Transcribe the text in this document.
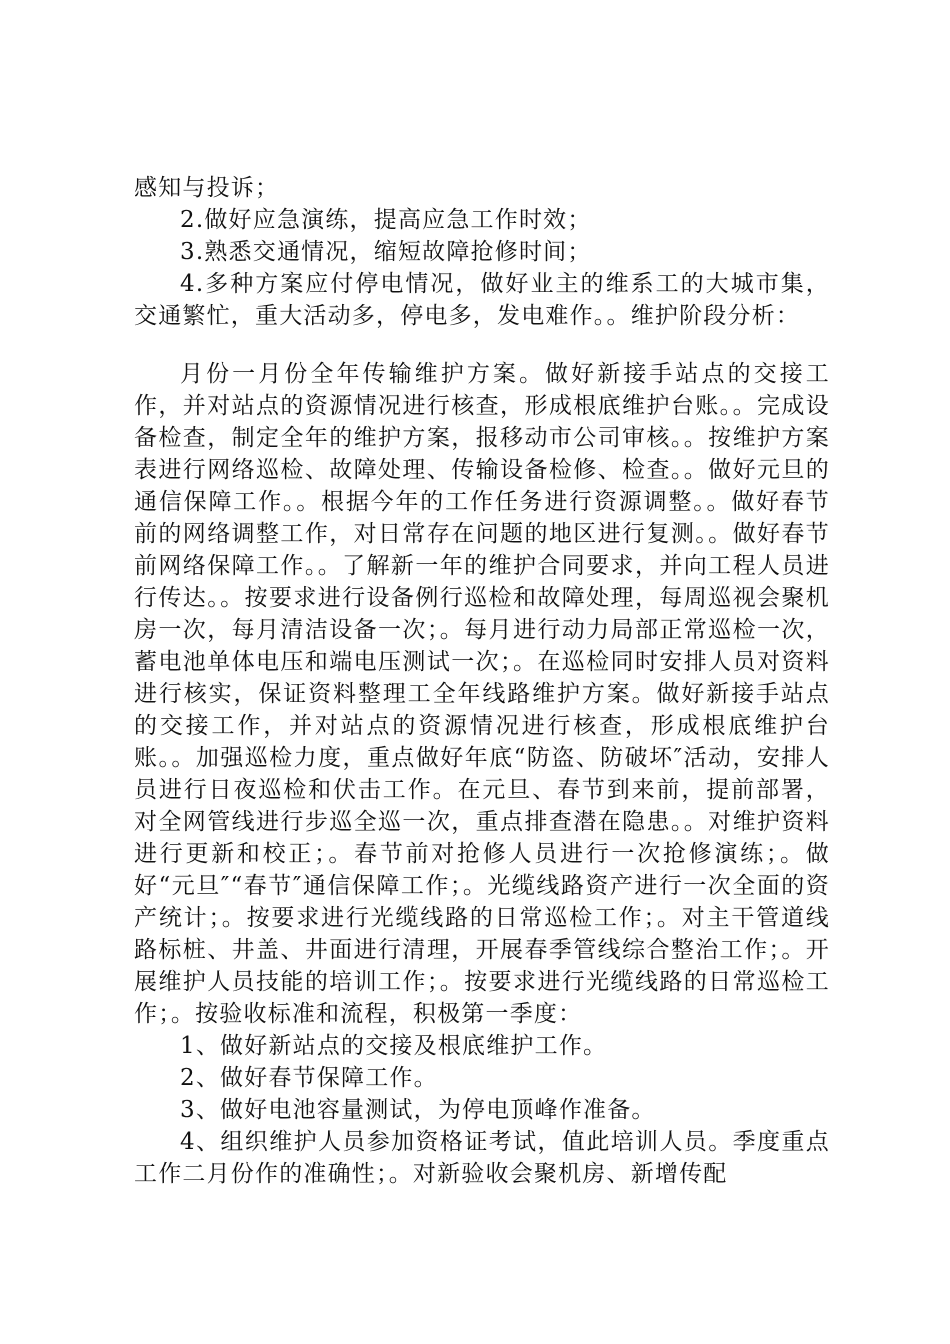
感知与投诉；

2.做好应急演练，提高应急工作时效；

3.熟悉交通情况，缩短故障抢修时间；

4.多种方案应付停电情况，做好业主的维系工的大城市集，交通繁忙，重大活动多，停电多，发电难作。。维护阶段分析：

月份一月份全年传输维护方案。做好新接手站点的交接工作，并对站点的资源情况进行核查，形成根底维护台账。。完成设备检查，制定全年的维护方案，报移动市公司审核。。按维护方案表进行网络巡检、故障处理、传输设备检修、检查。。做好元旦的通信保障工作。。根据今年的工作任务进行资源调整。。做好春节前的网络调整工作，对日常存在问题的地区进行复测。。做好春节前网络保障工作。。了解新一年的维护合同要求，并向工程人员进行传达。。按要求进行设备例行巡检和故障处理，每周巡视会聚机房一次，每月清洁设备一次；。每月进行动力局部正常巡检一次，蓄电池单体电压和端电压测试一次；。在巡检同时安排人员对资料进行核实，保证资料整理工全年线路维护方案。做好新接手站点的交接工作，并对站点的资源情况进行核查，形成根底维护台账。。加强巡检力度，重点做好年底“防盗、防破坏″活动，安排人员进行日夜巡检和伏击工作。在元旦、春节到来前，提前部署，对全网管线进行步巡全巡一次，重点排查潜在隐患。。对维护资料进行更新和校正；。春节前对抢修人员进行一次抢修演练；。做好“元旦″“春节″通信保障工作；。光缆线路资产进行一次全面的资产统计；。按要求进行光缆线路的日常巡检工作；。对主干管道线路标桩、井盖、井面进行清理，开展春季管线综合整治工作；。开展维护人员技能的培训工作；。按要求进行光缆线路的日常巡检工作；。按验收标准和流程，积极第一季度：

1、做好新站点的交接及根底维护工作。

2、做好春节保障工作。

3、做好电池容量测试，为停电顶峰作准备。

4、组织维护人员参加资格证考试，值此培训人员。季度重点工作二月份作的准确性；。对新验收会聚机房、新增传配
